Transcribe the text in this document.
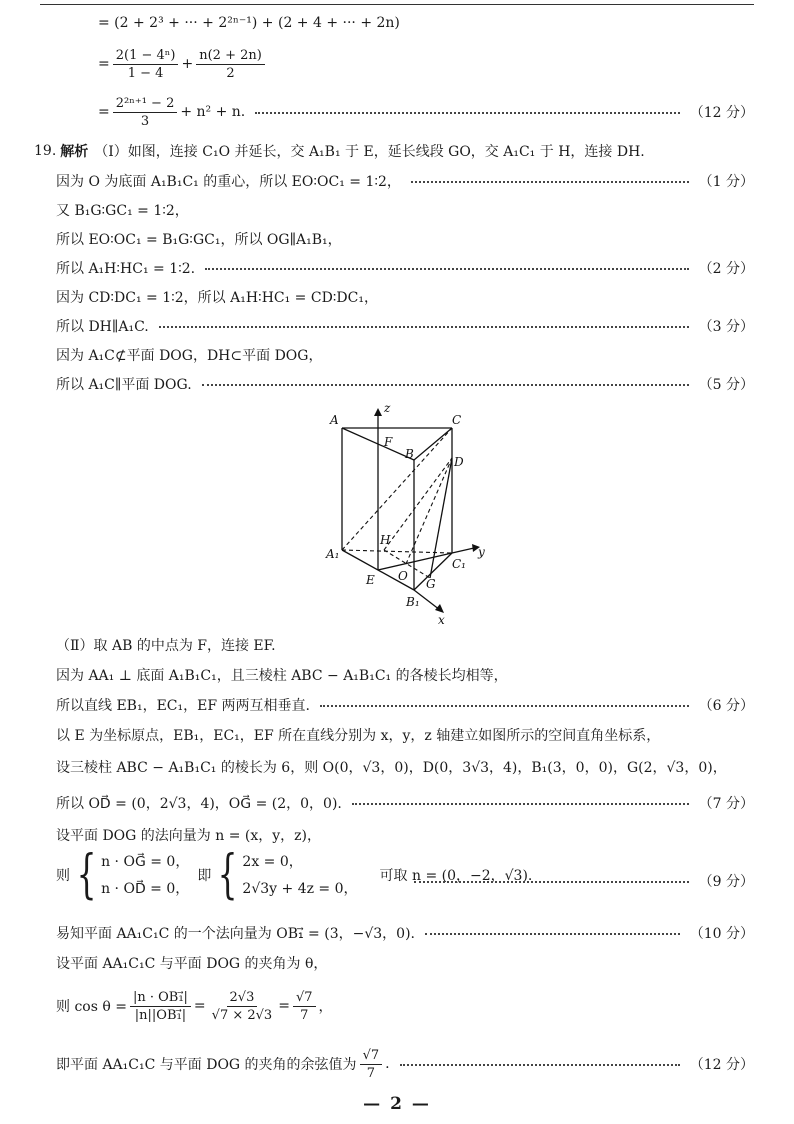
= (2 + 2³ + ··· + 2²ⁿ⁻¹) + (2 + 4 + ··· + 2n)
= $\frac{\text{2(1 − 4ⁿ)}}{1 - 4} + \frac{n(2 + 2n)}{2}$
= $\frac{\text{2²ⁿ⁺¹ − 2}}{3} + n^2 + n$.	（12 分）
19. 解析 （Ⅰ）如图，连接 C₁O 并延长，交 A₁B₁ 于 E，延长线段 GO，交 A₁C₁ 于 H，连接 DH.
因为 O 为底面 A₁B₁C₁ 的重心，所以 EO∶OC₁ = 1∶2，	（1 分）
又 B₁G∶GC₁ = 1∶2，
所以 EO∶OC₁ = B₁G∶GC₁，所以 OG∥A₁B₁，
所以 A₁H∶HC₁ = 1∶2.	（2 分）
因为 CD∶DC₁ = 1∶2，所以 A₁H∶HC₁ = CD∶DC₁，
所以 DH∥A₁C.	（3 分）
因为 A₁C⊄平面 DOG，DH⊂平面 DOG，
所以 A₁C∥平面 DOG.	（5 分）
A	C
z
F
B
D
H
A₁	y
C₁
E O
G
B₁
x
（Ⅱ）取 AB 的中点为 F，连接 EF.
因为 AA₁ ⊥ 底面 A₁B₁C₁，且三棱柱 ABC − A₁B₁C₁ 的各棱长均相等，
所以直线 EB₁，EC₁，EF 两两互相垂直.	（6 分）
以 E 为坐标原点，EB₁，EC₁，EF 所在直线分别为 x，y，z 轴建立如图所示的空间直角坐标系，
设三棱柱 ABC − A₁B₁C₁ 的棱长为 6，则 O(0，√3，0)，D(0，3√3，4)，B₁(3，0，0)，G(2，√3，0)，
所以 OD⃗ = (0，2√3，4)，OG⃗ = (2，0，0).	（7 分）
设平面 DOG 的法向量为 n = (x，y，z)，
则 { n · OG⃗ = 0，
n · OD⃗ = 0，
即 { 2x = 0，
2√3y + 4z = 0，
可取 n = (0，−2，√3).	（9 分）
易知平面 AA₁C₁C 的一个法向量为 OB₁⃗ = (3，−√3，0).	（10 分）
设平面 AA₁C₁C 与平面 DOG 的夹角为 θ，
则 $\cos \theta = \frac{\text{|n · OB₁⃗|}}{\text{|n||OB₁⃗|}} = \frac{2√3}{√7 \times 2√3} = \frac{√7}{7}$ ，
即平面 AA₁C₁C 与平面 DOG 的夹角的余弦值为 $\frac{√7}{7}$ .	（12 分）
— 2 —
